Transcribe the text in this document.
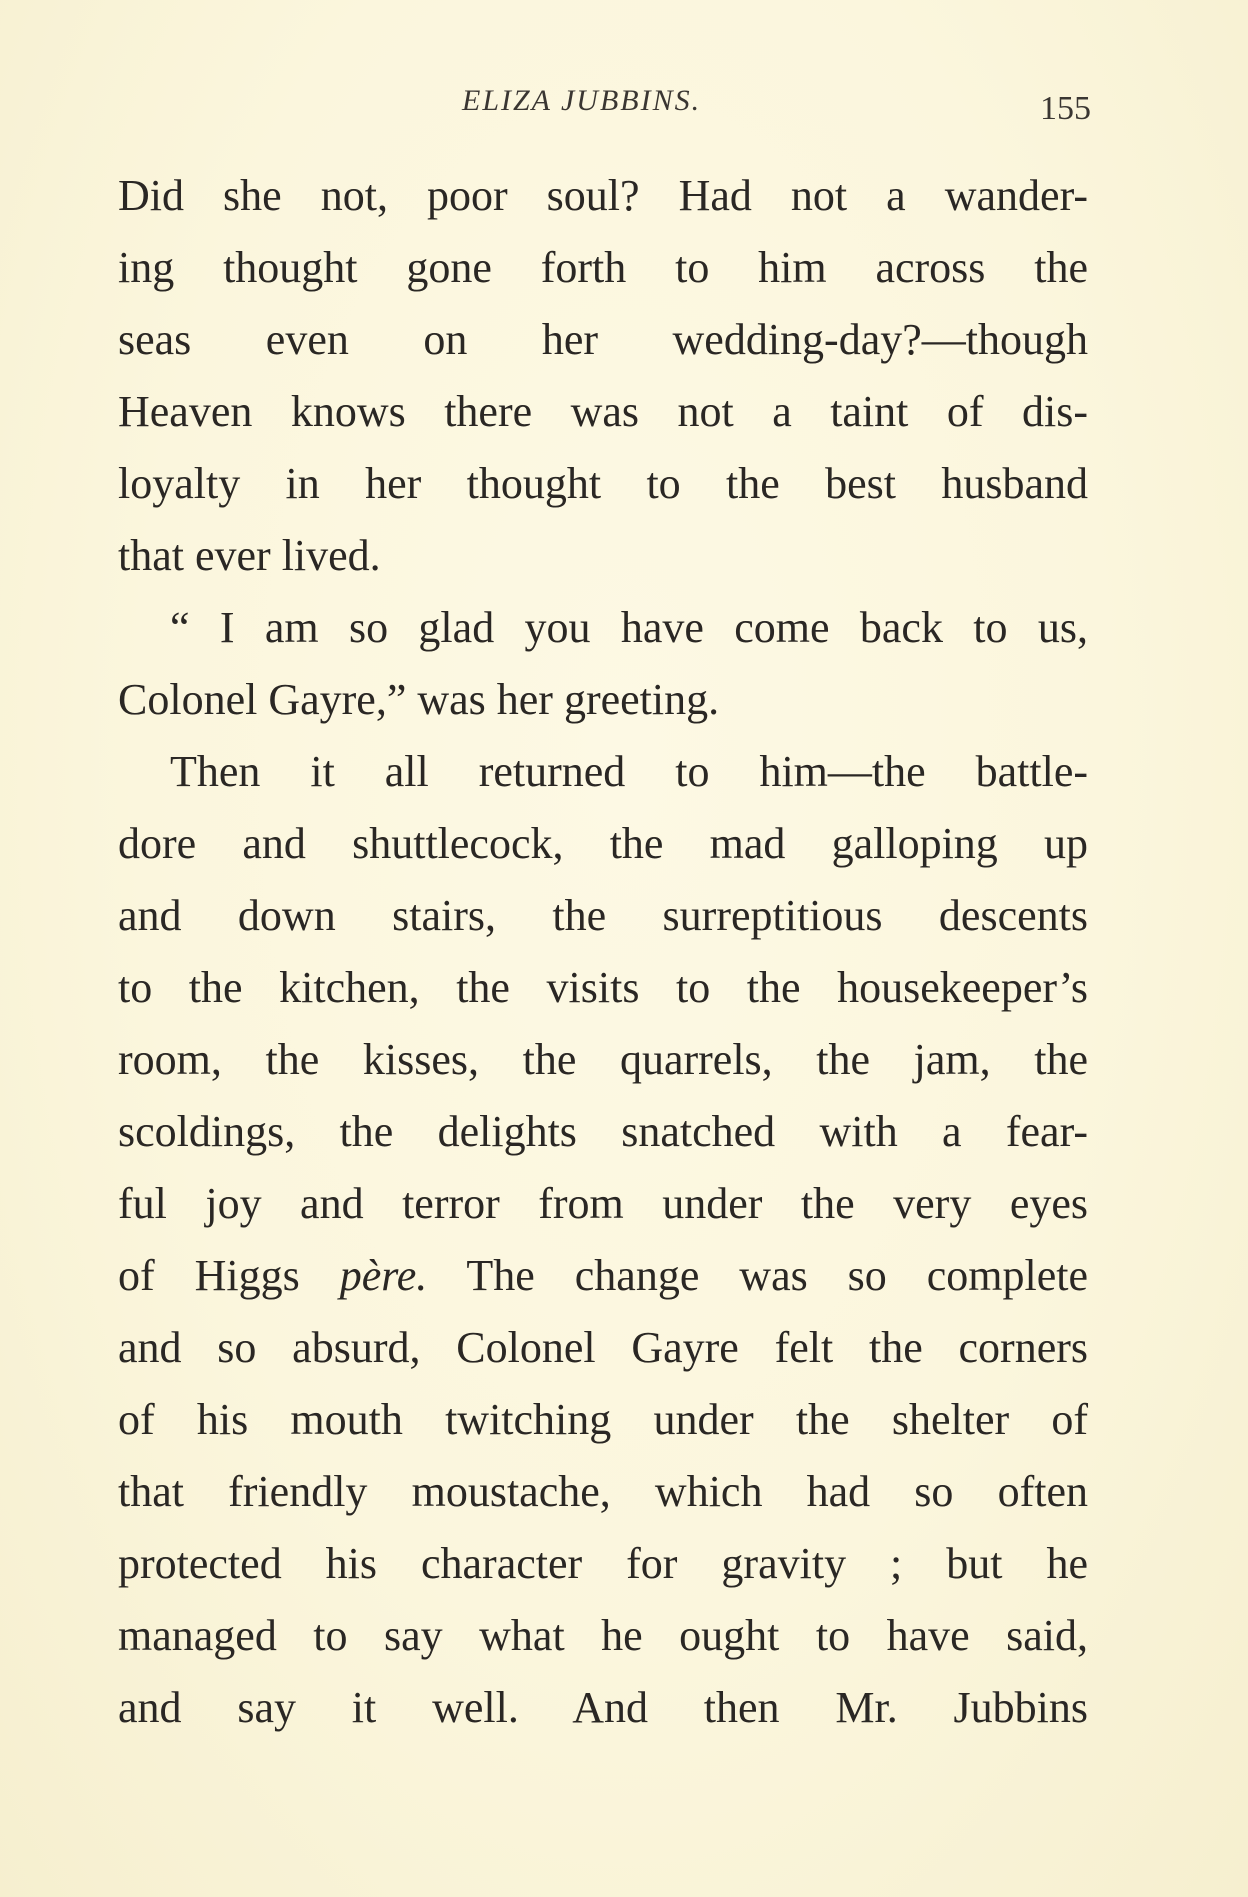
ELIZA JUBBINS.	155
Did she not, poor soul? Had not a wander-
ing thought gone forth to him across the
seas even on her wedding-day?—though
Heaven knows there was not a taint of dis-
loyalty in her thought to the best husband
that ever lived.
“ I am so glad you have come back to us,
Colonel Gayre,” was her greeting.
Then it all returned to him—the battle-
dore and shuttlecock, the mad galloping up
and down stairs, the surreptitious descents
to the kitchen, the visits to the housekeeper’s
room, the kisses, the quarrels, the jam, the
scoldings, the delights snatched with a fear-
ful joy and terror from under the very eyes
of Higgs père. The change was so complete
and so absurd, Colonel Gayre felt the corners
of his mouth twitching under the shelter of
that friendly moustache, which had so often
protected his character for gravity ; but he
managed to say what he ought to have said,
and say it well. And then Mr. Jubbins
